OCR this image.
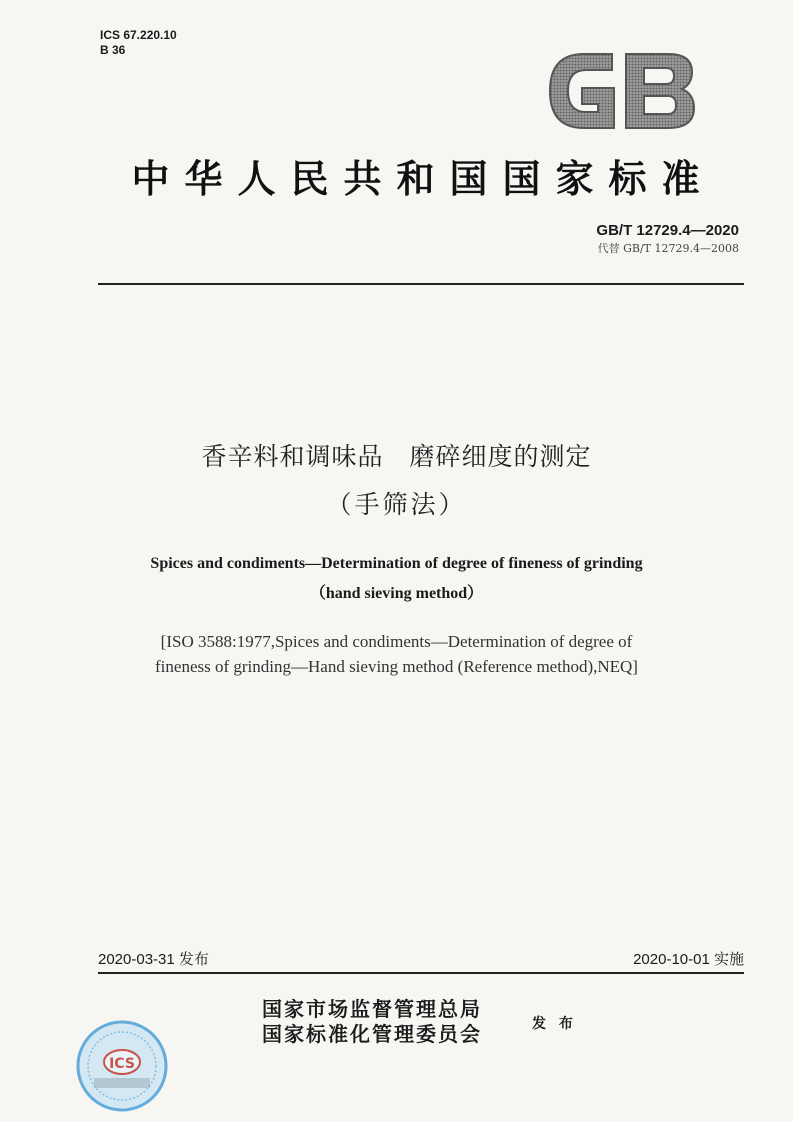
ICS 67.220.10
B 36
中华人民共和国国家标准
GB/T 12729.4—2020
代替 GB/T 12729.4—2008
香辛料和调味品　磨碎细度的测定
（手筛法）
Spices and condiments—Determination of degree of fineness of grinding
（hand sieving method）
[ISO 3588:1977,Spices and condiments—Determination of degree of
fineness of grinding—Hand sieving method (Reference method),NEQ]
2020-03-31 发布	2020-10-01 实施
国家市场监督管理总局
国家标准化管理委员会	发 布
ICS
